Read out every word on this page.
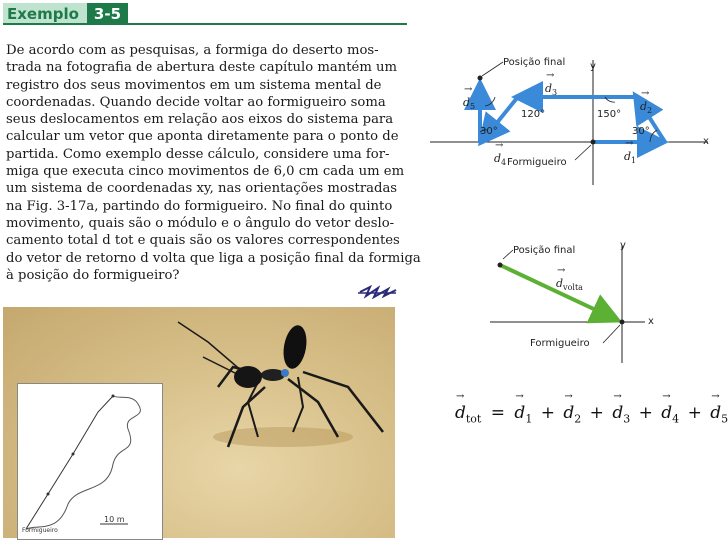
Exemplo	3-5
De acordo com as pesquisas, a formiga do deserto mos-
trada na fotografia de abertura deste capítulo mantém um
registro dos seus movimentos em um sistema mental de
coordenadas. Quando decide voltar ao formigueiro soma
seus deslocamentos em relação aos eixos do sistema para
calcular um vetor que aponta diretamente para o ponto de
partida. Como exemplo desse cálculo, considere uma for-
miga que executa cinco movimentos de 6,0 cm cada um em
um sistema de coordenadas xy, nas orientações mostradas
na Fig. 3-17a, partindo do formigueiro. No final do quinto
movimento, quais são o módulo e o ângulo do vetor deslo-
camento total d tot e quais são os valores correspondentes
do vetor de retorno d volta que liga a posição final da formiga
à posição do formigueiro?
10 m
Formigueiro
Posição final
Formigueiro
y
x
120°	150°
30°	30°
→ $d_5$
→ $d_3$
→ $d_2$
→ $d_4$	→ $d_1$
Posição final
Formigueiro
y
x
→ $d_{volta}$
→ $d_{tot}$ = → $d_1$ + → $d_2$ + → $d_3$ + → $d_4$ + → $d_5$
